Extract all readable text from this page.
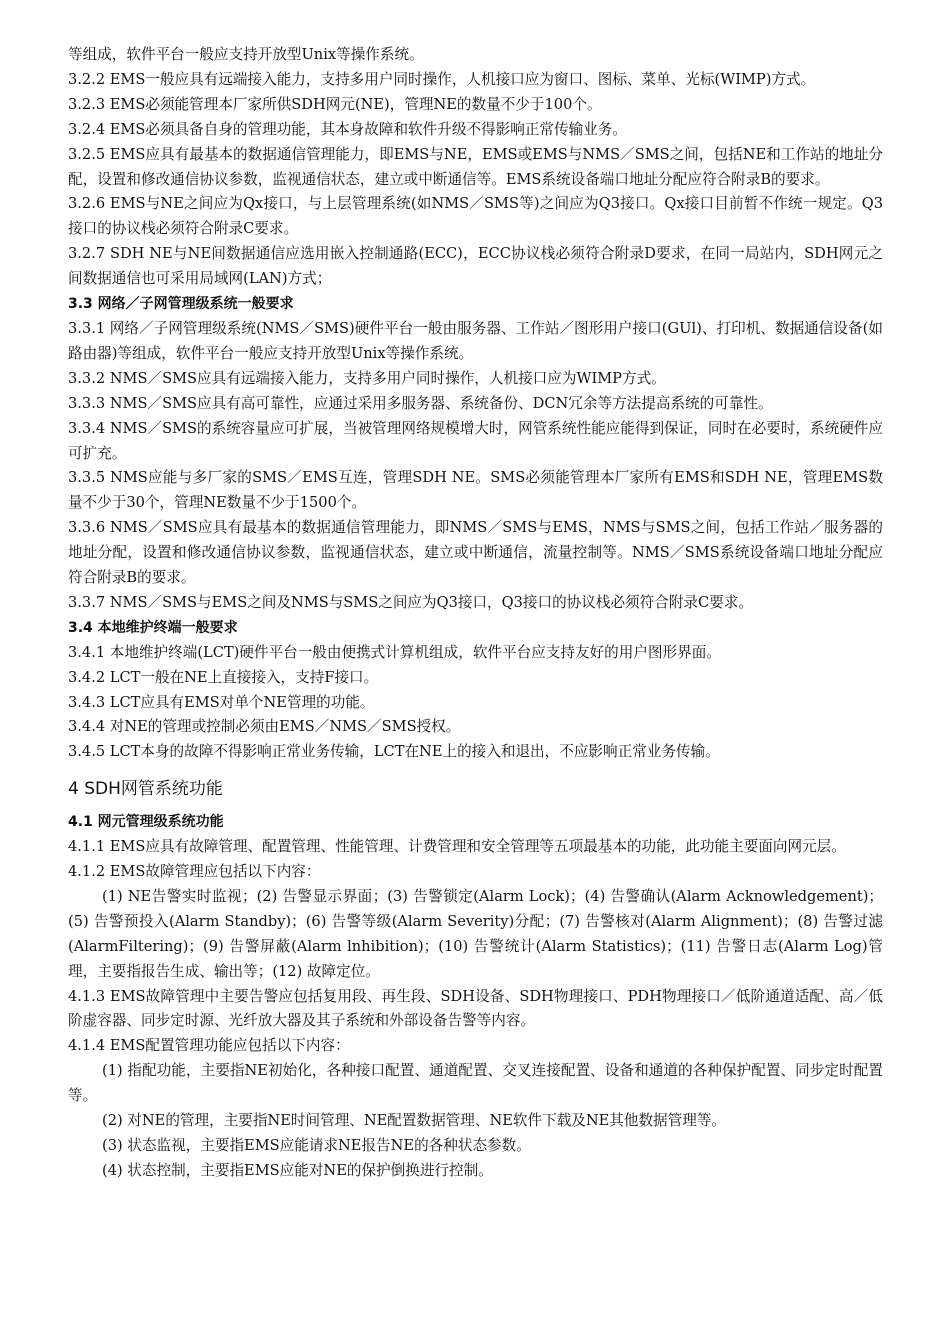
等组成，软件平台一般应支持开放型Unix等操作系统。

3.2.2 EMS一般应具有远端接入能力，支持多用户同时操作，人机接口应为窗口、图标、菜单、光标(WIMP)方式。

3.2.3 EMS必须能管理本厂家所供SDH网元(NE)，管理NE的数量不少于100个。

3.2.4 EMS必须具备自身的管理功能，其本身故障和软件升级不得影响正常传输业务。

3.2.5 EMS应具有最基本的数据通信管理能力，即EMS与NE，EMS或EMS与NMS／SMS之间，包括NE和工作站的地址分配，设置和修改通信协议参数，监视通信状态，建立或中断通信等。EMS系统设备端口地址分配应符合附录B的要求。

3.2.6 EMS与NE之间应为Qx接口，与上层管理系统(如NMS／SMS等)之间应为Q3接口。Qx接口目前暂不作统一规定。Q3接口的协议栈必须符合附录C要求。

3.2.7 SDH NE与NE间数据通信应选用嵌入控制通路(ECC)，ECC协议栈必须符合附录D要求，在同一局站内，SDH网元之间数据通信也可采用局域网(LAN)方式；

3.3 网络／子网管理级系统一般要求

3.3.1 网络／子网管理级系统(NMS／SMS)硬件平台一般由服务器、工作站／图形用户接口(GUl)、打印机、数据通信设备(如路由器)等组成，软件平台一般应支持开放型Unix等操作系统。

3.3.2 NMS／SMS应具有远端接入能力，支持多用户同时操作，人机接口应为WIMP方式。

3.3.3 NMS／SMS应具有高可靠性，应通过采用多服务器、系统备份、DCN冗余等方法提高系统的可靠性。

3.3.4 NMS／SMS的系统容量应可扩展，当被管理网络规模增大时，网管系统性能应能得到保证，同时在必要时，系统硬件应可扩充。

3.3.5 NMS应能与多厂家的SMS／EMS互连，管理SDH NE。SMS必须能管理本厂家所有EMS和SDH NE，管理EMS数量不少于30个，管理NE数量不少于1500个。

3.3.6 NMS／SMS应具有最基本的数据通信管理能力，即NMS／SMS与EMS，NMS与SMS之间，包括工作站／服务器的地址分配，设置和修改通信协议参数，监视通信状态，建立或中断通信，流量控制等。NMS／SMS系统设备端口地址分配应符合附录B的要求。

3.3.7 NMS／SMS与EMS之间及NMS与SMS之间应为Q3接口，Q3接口的协议栈必须符合附录C要求。

3.4 本地维护终端一般要求

3.4.1 本地维护终端(LCT)硬件平台一般由便携式计算机组成，软件平台应支持友好的用户图形界面。

3.4.2 LCT一般在NE上直接接入，支持F接口。

3.4.3 LCT应具有EMS对单个NE管理的功能。

3.4.4 对NE的管理或控制必须由EMS／NMS／SMS授权。

3.4.5 LCT本身的故障不得影响正常业务传输，LCT在NE上的接入和退出，不应影响正常业务传输。

4 SDH网管系统功能

4.1 网元管理级系统功能

4.1.1 EMS应具有故障管理、配置管理、性能管理、计费管理和安全管理等五项最基本的功能，此功能主要面向网元层。

4.1.2 EMS故障管理应包括以下内容：

(1) NE告警实时监视；(2) 告警显示界面；(3) 告警锁定(Alarm Lock)；(4) 告警确认(Alarm Acknowledgement)；(5) 告警预投入(Alarm Standby)；(6) 告警等级(Alarm Severity)分配；(7) 告警核对(Alarm Alignment)；(8) 告警过滤(AlarmFiltering)；(9) 告警屏蔽(Alarm lnhibition)；(10) 告警统计(Alarm Statistics)；(11) 告警日志(Alarm Log)管理，主要指报告生成、输出等；(12) 故障定位。

4.1.3 EMS故障管理中主要告警应包括复用段、再生段、SDH设备、SDH物理接口、PDH物理接口／低阶通道适配、高／低阶虚容器、同步定时源、光纤放大器及其子系统和外部设备告警等内容。

4.1.4 EMS配置管理功能应包括以下内容：

(1) 指配功能，主要指NE初始化，各种接口配置、通道配置、交叉连接配置、设备和通道的各种保护配置、同步定时配置等。

(2) 对NE的管理，主要指NE时间管理、NE配置数据管理、NE软件下载及NE其他数据管理等。

(3) 状态监视，主要指EMS应能请求NE报告NE的各种状态参数。

(4) 状态控制，主要指EMS应能对NE的保护倒换进行控制。
